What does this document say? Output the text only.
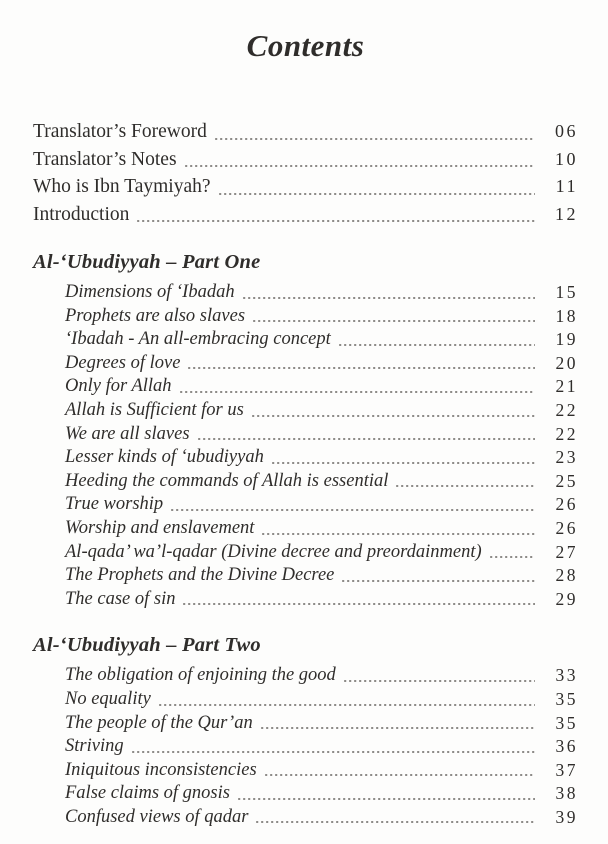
Contents
Translator’s Foreword	06
Translator’s Notes	10
Who is Ibn Taymiyah?	11
Introduction	12
Al-‘Ubudiyyah – Part One
Dimensions of ‘Ibadah	15
Prophets are also slaves	18
‘Ibadah - An all-embracing concept	19
Degrees of love	20
Only for Allah	21
Allah is Sufficient for us	22
We are all slaves	22
Lesser kinds of ‘ubudiyyah	23
Heeding the commands of Allah is essential	25
True worship	26
Worship and enslavement	26
Al-qada’ wa’l-qadar (Divine decree and preordainment)	27
The Prophets and the Divine Decree	28
The case of sin	29
Al-‘Ubudiyyah – Part Two
The obligation of enjoining the good	33
No equality	35
The people of the Qur’an	35
Striving	36
Iniquitous inconsistencies	37
False claims of gnosis	38
Confused views of qadar	39
